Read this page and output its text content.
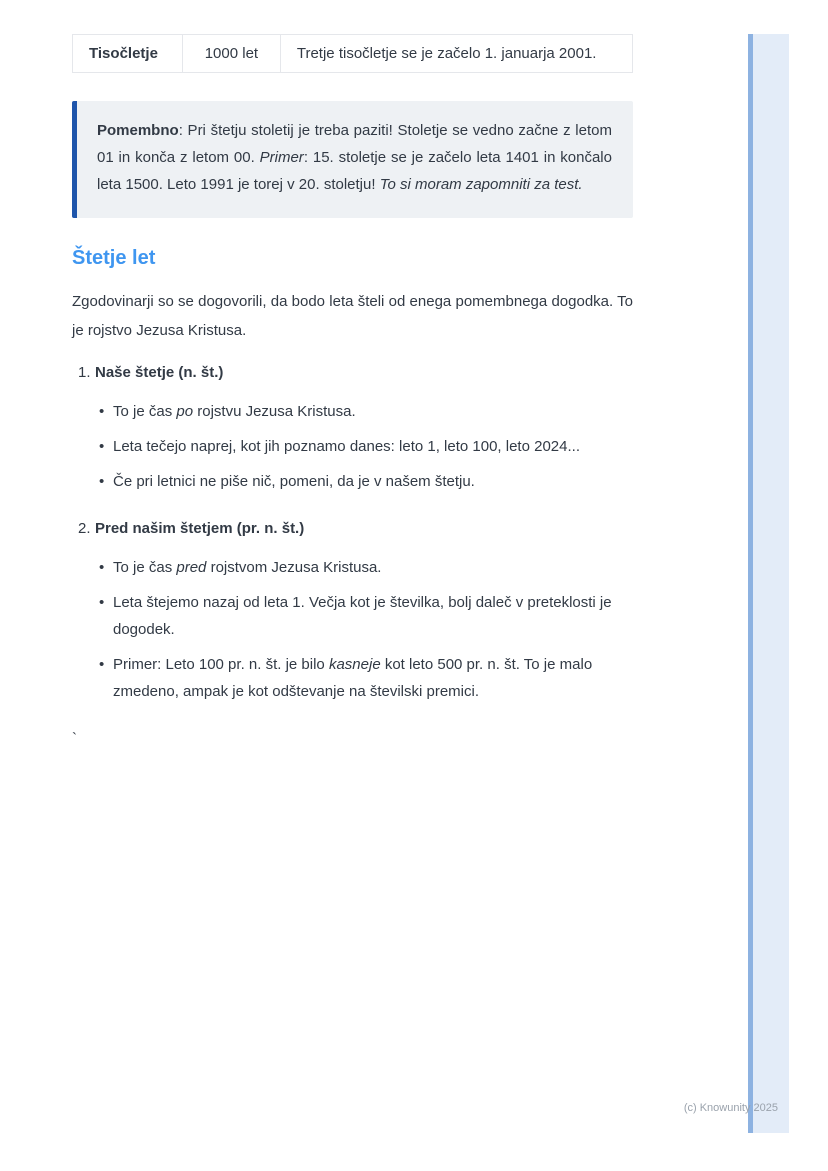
Tisočletje	1000 let	Tretje tisočletje se je začelo 1. januarja 2001.

Pomembno: Pri štetju stoletij je treba paziti! Stoletje se vedno začne z letom 01 in konča z letom 00. Primer: 15. stoletje se je začelo leta 1401 in končalo leta 1500. Leto 1991 je torej v 20. stoletju! To si moram zapomniti za test.

Štetje let

Zgodovinarji so se dogovorili, da bodo leta šteli od enega pomembnega dogodka. To je rojstvo Jezusa Kristusa.

1. Naše štetje (n. št.)
• To je čas po rojstvu Jezusa Kristusa.
• Leta tečejo naprej, kot jih poznamo danes: leto 1, leto 100, leto 2024...
• Če pri letnici ne piše nič, pomeni, da je v našem štetju.
2. Pred našim štetjem (pr. n. št.)
• To je čas pred rojstvom Jezusa Kristusa.
• Leta štejemo nazaj od leta 1. Večja kot je številka, bolj daleč v preteklosti je dogodek.
• Primer: Leto 100 pr. n. št. je bilo kasneje kot leto 500 pr. n. št. To je malo zmedeno, ampak je kot odštevanje na številski premici.

`

(c) Knowunity 2025
